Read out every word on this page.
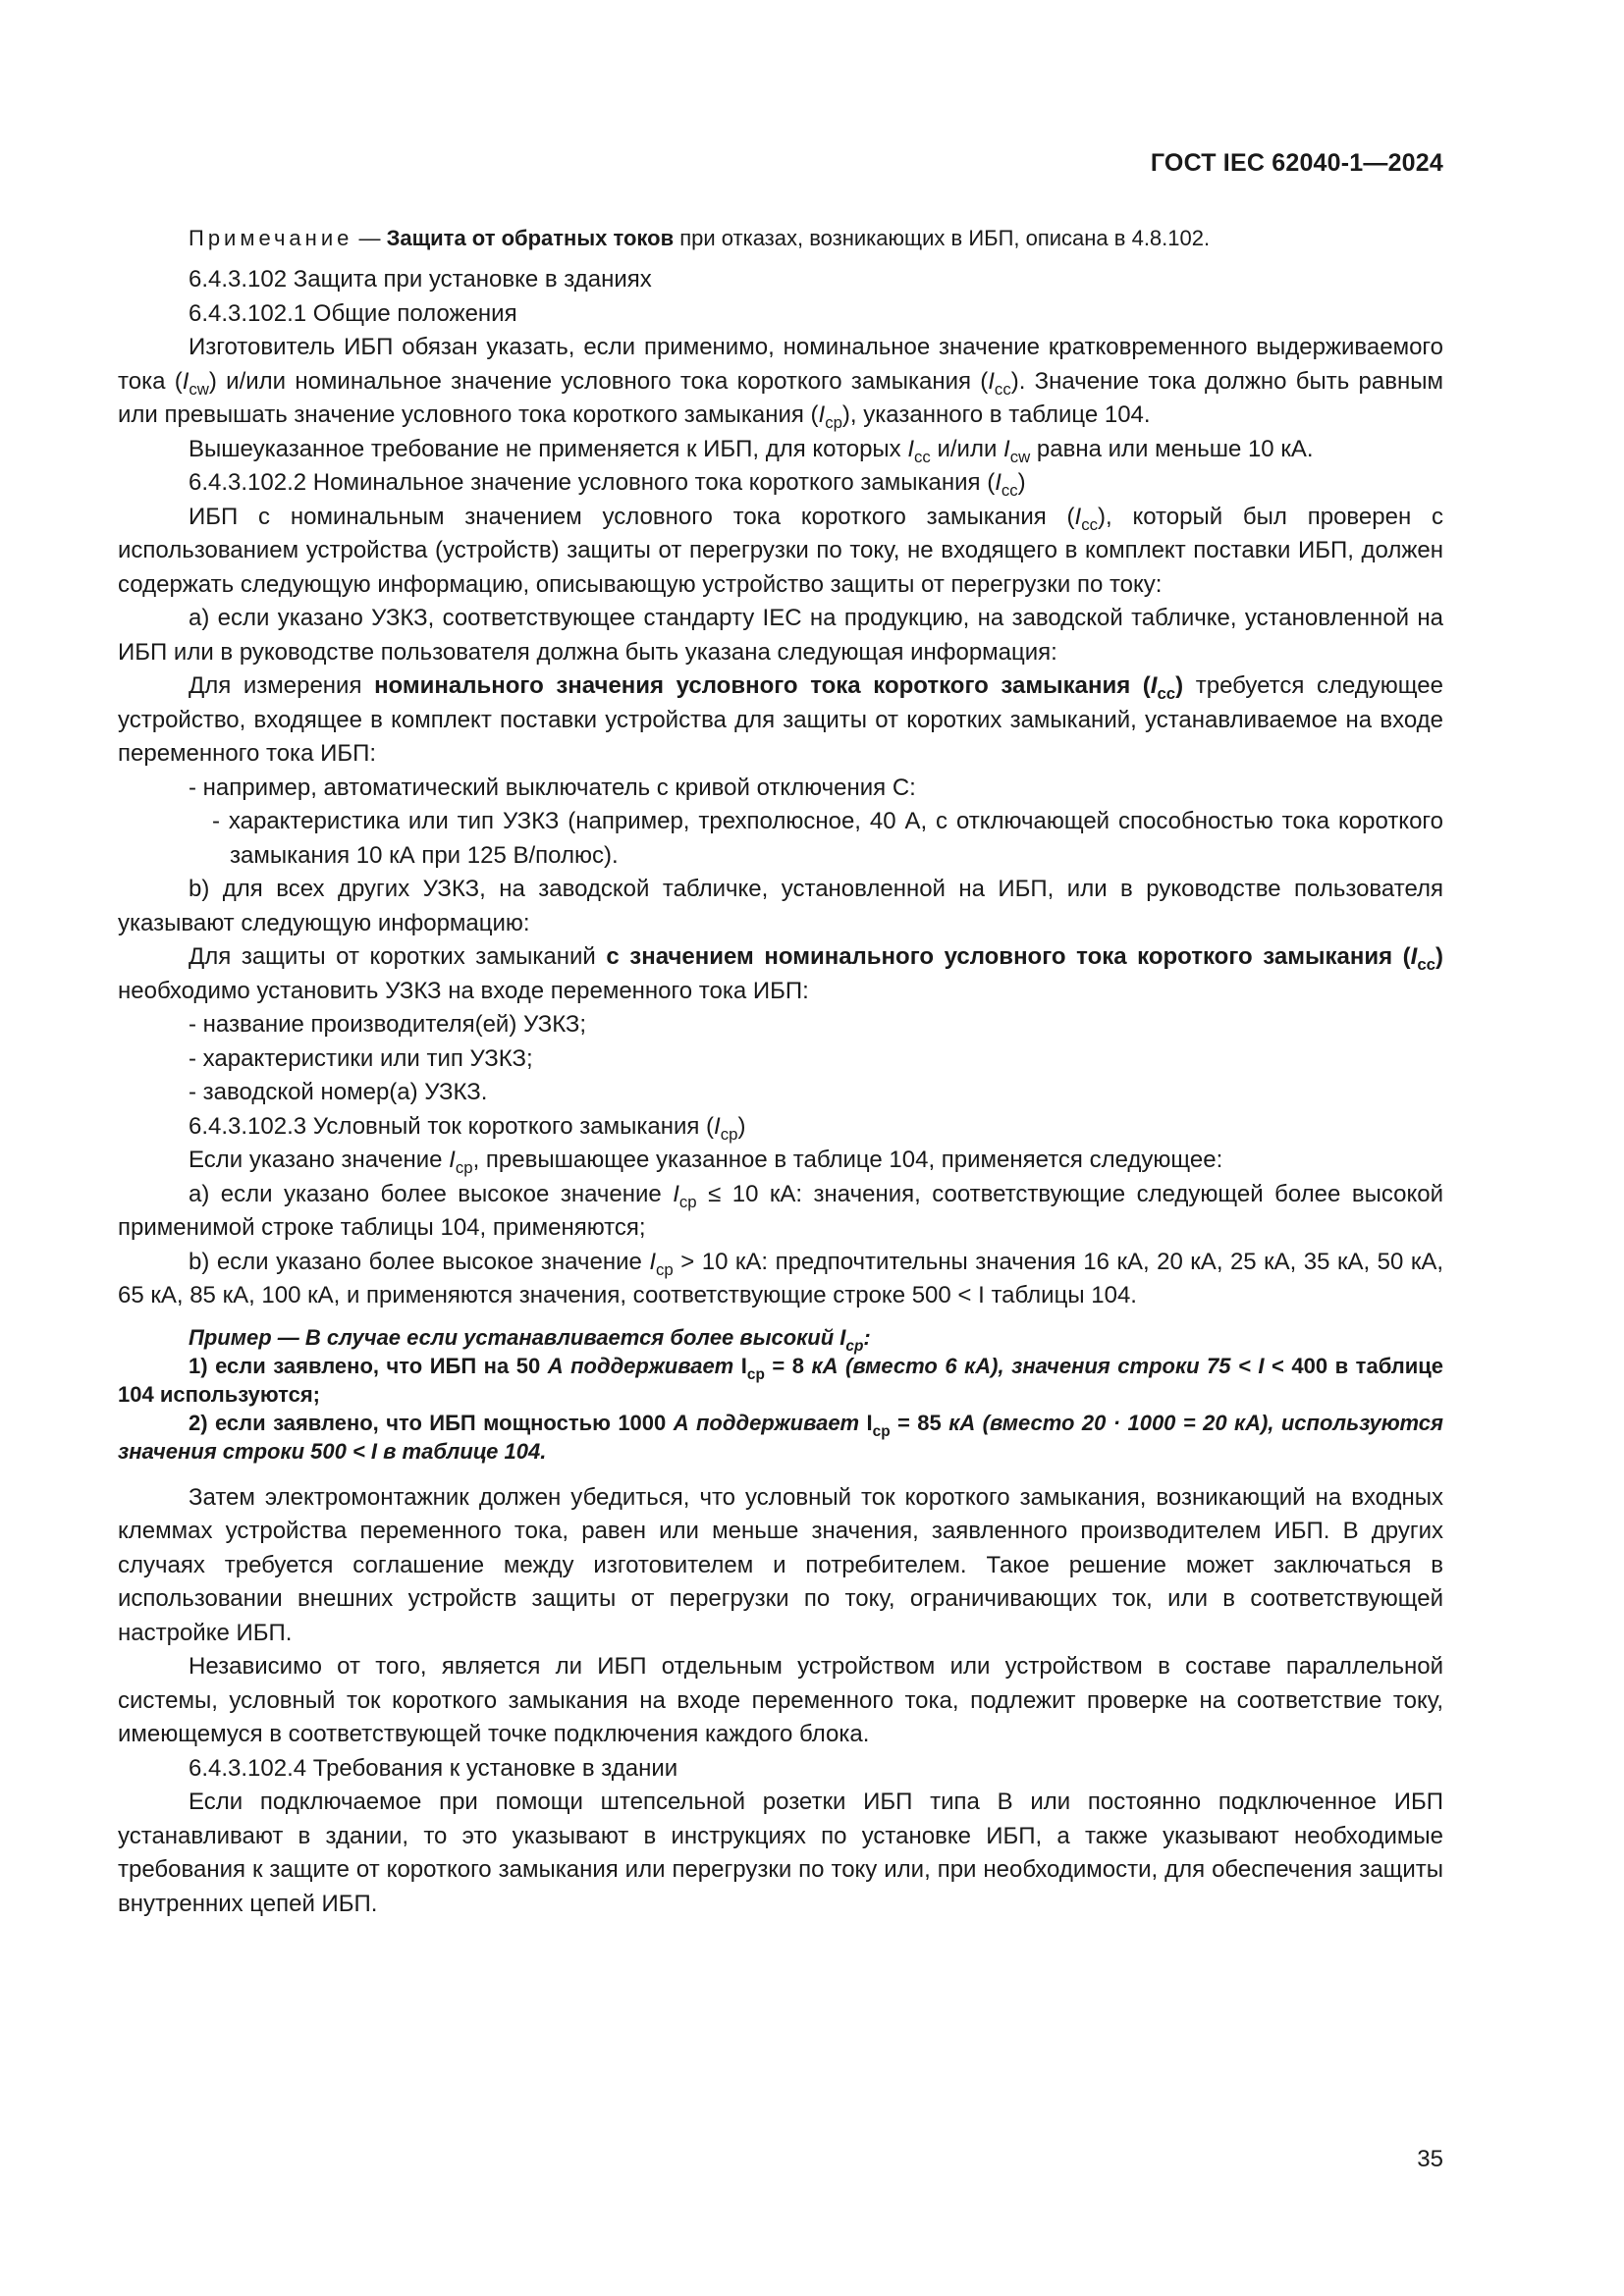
ГОСТ IEC 62040-1—2024

Примечание — Защита от обратных токов при отказах, возникающих в ИБП, описана в 4.8.102.

6.4.3.102 Защита при установке в зданиях

6.4.3.102.1 Общие положения

Изготовитель ИБП обязан указать, если применимо, номинальное значение кратковременного выдерживаемого тока $(I_{cw})$ и/или номинальное значение условного тока короткого замыкания $(I_{cc})$. Значение тока должно быть равным или превышать значение условного тока короткого замыкания $(I_{ср})$, указанного в таблице 104.

Вышеуказанное требование не применяется к ИБП, для которых $I_{cc}$ и/или $I_{cw}$ равна или меньше 10 кА.

6.4.3.102.2 Номинальное значение условного тока короткого замыкания $(I_{cc})$

ИБП с номинальным значением условного тока короткого замыкания $(I_{cc})$, который был проверен с использованием устройства (устройств) защиты от перегрузки по току, не входящего в комплект поставки ИБП, должен содержать следующую информацию, описывающую устройство защиты от перегрузки по току:

а) если указано УЗКЗ, соответствующее стандарту IEC на продукцию, на заводской табличке, установленной на ИБП или в руководстве пользователя должна быть указана следующая информация:

Для измерения номинального значения условного тока короткого замыкания $(I_{cc})$ требуется следующее устройство, входящее в комплект поставки устройства для защиты от коротких замыканий, устанавливаемое на входе переменного тока ИБП:

- например, автоматический выключатель с кривой отключения С:

- характеристика или тип УЗКЗ (например, трехполюсное, 40 А, с отключающей способностью тока короткого замыкания 10 кА при 125 В/полюс).

b) для всех других УЗКЗ, на заводской табличке, установленной на ИБП, или в руководстве пользователя указывают следующую информацию:

Для защиты от коротких замыканий с значением номинального условного тока короткого замыкания $(I_{cc})$ необходимо установить УЗКЗ на входе переменного тока ИБП:

- название производителя(ей) УЗКЗ;

- характеристики или тип УЗКЗ;

- заводской номер(а) УЗКЗ.

6.4.3.102.3 Условный ток короткого замыкания $(I_{ср})$

Если указано значение $I_{ср}$, превышающее указанное в таблице 104, применяется следующее:

а) если указано более высокое значение $I_{ср} \le 10$ кА: значения, соответствующие следующей более высокой применимой строке таблицы 104, применяются;

b) если указано более высокое значение $I_{ср} > 10$ кА: предпочтительны значения 16 кА, 20 кА, 25 кА, 35 кА, 50 кА, 65 кА, 85 кА, 100 кА, и применяются значения, соответствующие строке 500 < I таблицы 104.

Пример — В случае если устанавливается более высокий $I_{cp}$:

1) если заявлено, что ИБП на 50 А поддерживает $I_{ср} = 8$ кА (вместо 6 кА), значения строки 75 < I < 400 в таблице 104 используются;

2) если заявлено, что ИБП мощностью 1000 А поддерживает $I_{ср} = 85$ кА (вместо 20 · 1000 = 20 кА), используются значения строки 500 < I в таблице 104.

Затем электромонтажник должен убедиться, что условный ток короткого замыкания, возникающий на входных клеммах устройства переменного тока, равен или меньше значения, заявленного производителем ИБП. В других случаях требуется соглашение между изготовителем и потребителем. Такое решение может заключаться в использовании внешних устройств защиты от перегрузки по току, ограничивающих ток, или в соответствующей настройке ИБП.

Независимо от того, является ли ИБП отдельным устройством или устройством в составе параллельной системы, условный ток короткого замыкания на входе переменного тока, подлежит проверке на соответствие току, имеющемуся в соответствующей точке подключения каждого блока.

6.4.3.102.4 Требования к установке в здании

Если подключаемое при помощи штепсельной розетки ИБП типа В или постоянно подключенное ИБП устанавливают в здании, то это указывают в инструкциях по установке ИБП, а также указывают необходимые требования к защите от короткого замыкания или перегрузки по току или, при необходимости, для обеспечения защиты внутренних цепей ИБП.

35
